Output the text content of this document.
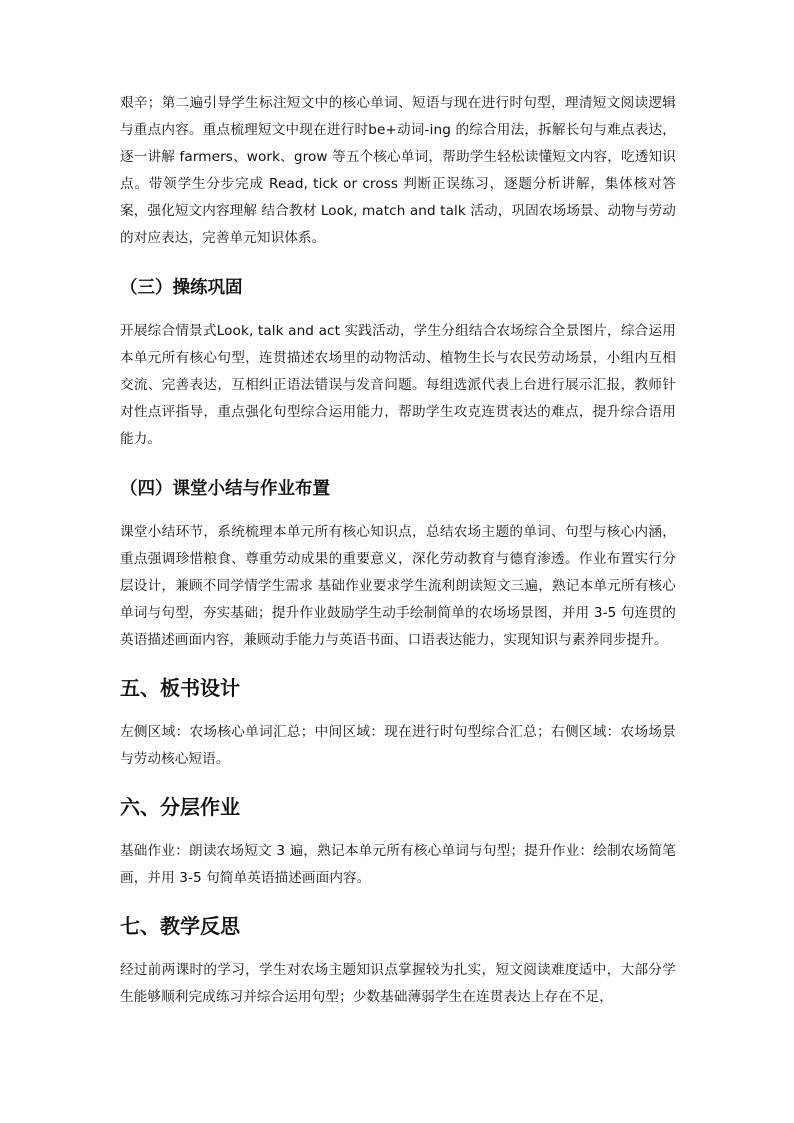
艰辛；第二遍引导学生标注短文中的核心单词、短语与现在进行时句型，理清短文阅读逻辑与重点内容。重点梳理短文中现在进行时be+动词-ing 的综合用法，拆解长句与难点表达，逐一讲解 farmers、work、grow 等五个核心单词，帮助学生轻松读懂短文内容，吃透知识点。带领学生分步完成 Read, tick or cross 判断正误练习，逐题分析讲解，集体核对答案，强化短文内容理解 结合教材 Look, match and talk 活动，巩固农场场景、动物与劳动的对应表达，完善单元知识体系。

（三）操练巩固

开展综合情景式Look, talk and act 实践活动，学生分组结合农场综合全景图片，综合运用本单元所有核心句型，连贯描述农场里的动物活动、植物生长与农民劳动场景，小组内互相交流、完善表达，互相纠正语法错误与发音问题。每组选派代表上台进行展示汇报，教师针对性点评指导，重点强化句型综合运用能力，帮助学生攻克连贯表达的难点，提升综合语用能力。

（四）课堂小结与作业布置

课堂小结环节，系统梳理本单元所有核心知识点，总结农场主题的单词、句型与核心内涵，重点强调珍惜粮食、尊重劳动成果的重要意义，深化劳动教育与德育渗透。作业布置实行分层设计，兼顾不同学情学生需求 基础作业要求学生流利朗读短文三遍，熟记本单元所有核心单词与句型，夯实基础；提升作业鼓励学生动手绘制简单的农场场景图，并用 3-5 句连贯的英语描述画面内容，兼顾动手能力与英语书面、口语表达能力，实现知识与素养同步提升。

五、板书设计

左侧区域：农场核心单词汇总；中间区域：现在进行时句型综合汇总；右侧区域：农场场景与劳动核心短语。

六、分层作业

基础作业：朗读农场短文 3 遍，熟记本单元所有核心单词与句型；提升作业：绘制农场简笔画，并用 3-5 句简单英语描述画面内容。

七、教学反思

经过前两课时的学习，学生对农场主题知识点掌握较为扎实，短文阅读难度适中，大部分学生能够顺利完成练习并综合运用句型；少数基础薄弱学生在连贯表达上存在不足，
